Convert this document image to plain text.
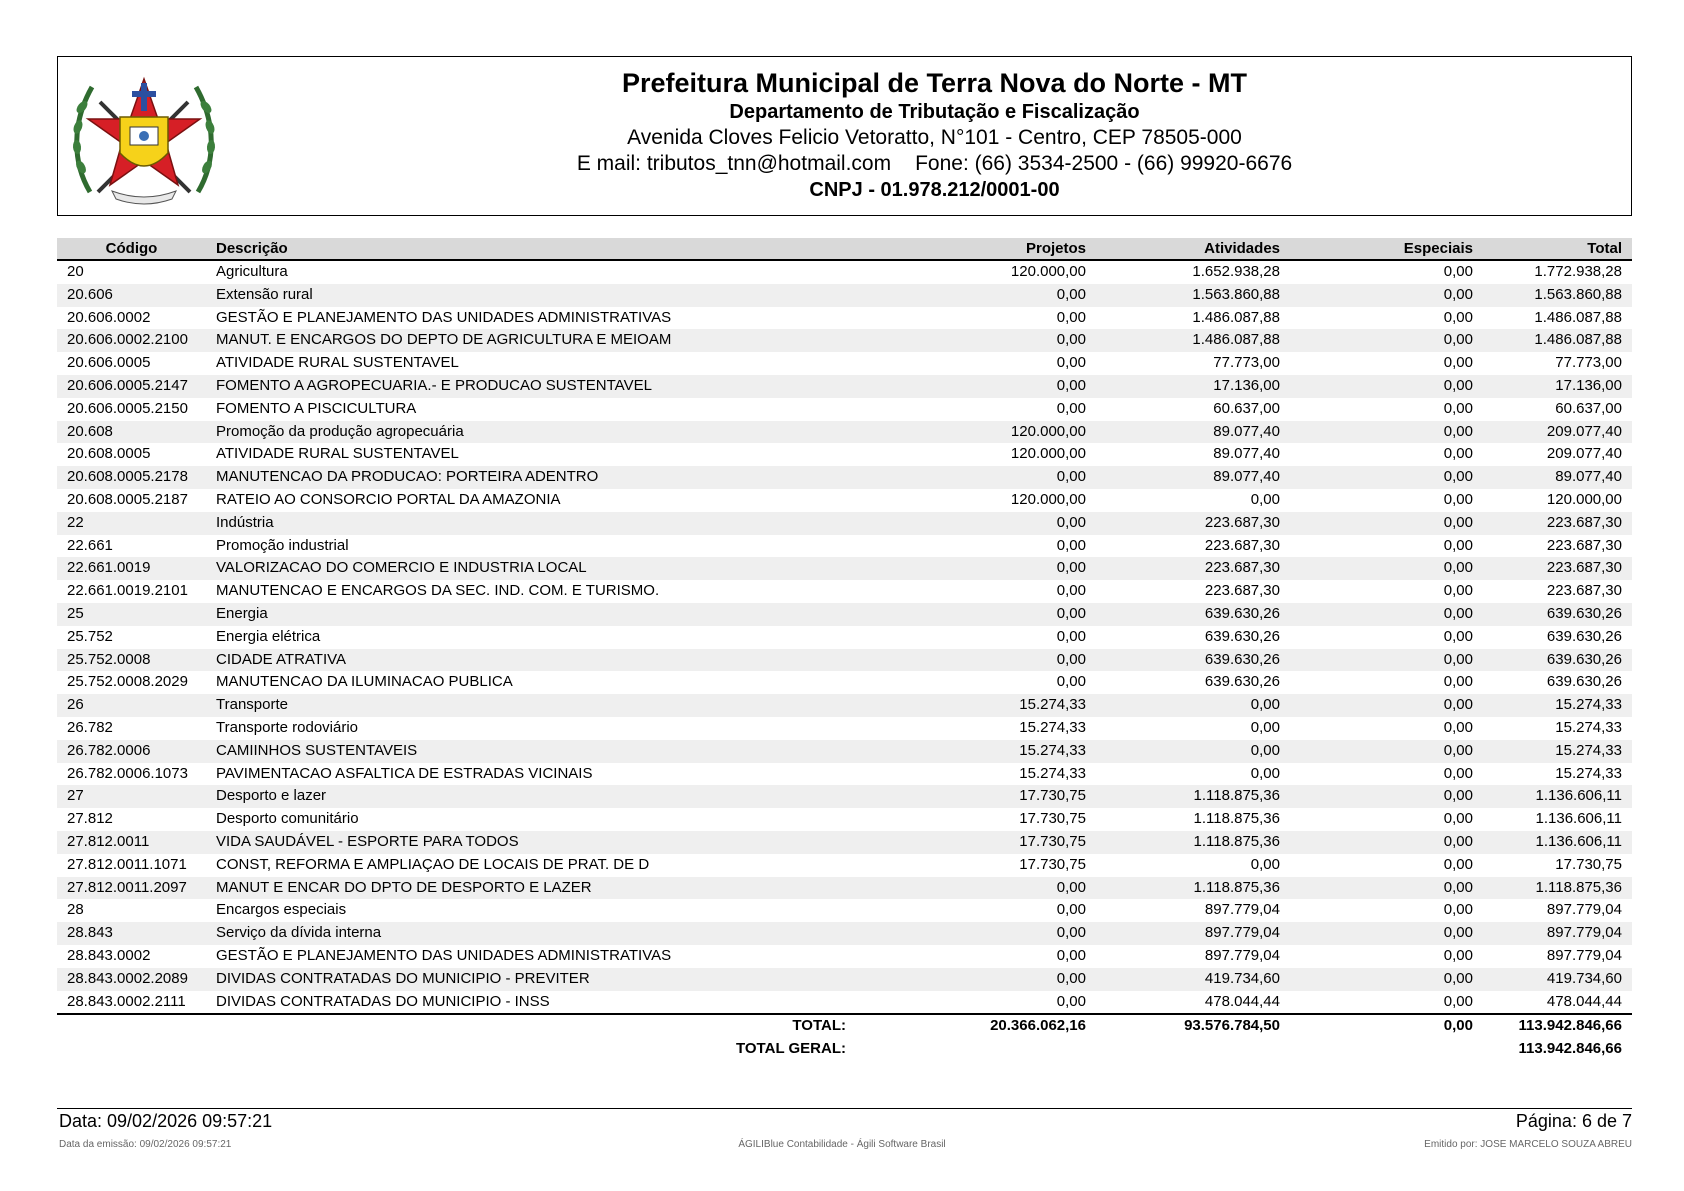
Prefeitura Municipal de Terra Nova do Norte - MT
Departamento de Tributação e Fiscalização
Avenida Cloves Felicio Vetoratto, N°101 - Centro, CEP 78505-000
E mail: tributos_tnn@hotmail.com Fone: (66) 3534-2500 - (66) 99920-6676
CNPJ - 01.978.212/0001-00
Código	Descrição	Projetos	Atividades	Especiais	Total
20	Agricultura	120.000,00	1.652.938,28	0,00	1.772.938,28
20.606	Extensão rural	0,00	1.563.860,88	0,00	1.563.860,88
20.606.0002	GESTÃO E PLANEJAMENTO DAS UNIDADES ADMINISTRATIVAS	0,00	1.486.087,88	0,00	1.486.087,88
20.606.0002.2100	MANUT. E ENCARGOS DO DEPTO DE AGRICULTURA E MEIOAM	0,00	1.486.087,88	0,00	1.486.087,88
20.606.0005	ATIVIDADE RURAL SUSTENTAVEL	0,00	77.773,00	0,00	77.773,00
20.606.0005.2147	FOMENTO A AGROPECUARIA.- E PRODUCAO SUSTENTAVEL	0,00	17.136,00	0,00	17.136,00
20.606.0005.2150	FOMENTO A PISCICULTURA	0,00	60.637,00	0,00	60.637,00
20.608	Promoção da produção agropecuária	120.000,00	89.077,40	0,00	209.077,40
20.608.0005	ATIVIDADE RURAL SUSTENTAVEL	120.000,00	89.077,40	0,00	209.077,40
20.608.0005.2178	MANUTENCAO DA PRODUCAO: PORTEIRA ADENTRO	0,00	89.077,40	0,00	89.077,40
20.608.0005.2187	RATEIO AO CONSORCIO PORTAL DA AMAZONIA	120.000,00	0,00	0,00	120.000,00
22	Indústria	0,00	223.687,30	0,00	223.687,30
22.661	Promoção industrial	0,00	223.687,30	0,00	223.687,30
22.661.0019	VALORIZACAO DO COMERCIO E INDUSTRIA LOCAL	0,00	223.687,30	0,00	223.687,30
22.661.0019.2101	MANUTENCAO E ENCARGOS DA SEC. IND. COM. E TURISMO.	0,00	223.687,30	0,00	223.687,30
25	Energia	0,00	639.630,26	0,00	639.630,26
25.752	Energia elétrica	0,00	639.630,26	0,00	639.630,26
25.752.0008	CIDADE ATRATIVA	0,00	639.630,26	0,00	639.630,26
25.752.0008.2029	MANUTENCAO DA ILUMINACAO PUBLICA	0,00	639.630,26	0,00	639.630,26
26	Transporte	15.274,33	0,00	0,00	15.274,33
26.782	Transporte rodoviário	15.274,33	0,00	0,00	15.274,33
26.782.0006	CAMIINHOS SUSTENTAVEIS	15.274,33	0,00	0,00	15.274,33
26.782.0006.1073	PAVIMENTACAO ASFALTICA DE ESTRADAS VICINAIS	15.274,33	0,00	0,00	15.274,33
27	Desporto e lazer	17.730,75	1.118.875,36	0,00	1.136.606,11
27.812	Desporto comunitário	17.730,75	1.118.875,36	0,00	1.136.606,11
27.812.0011	VIDA SAUDÁVEL - ESPORTE PARA TODOS	17.730,75	1.118.875,36	0,00	1.136.606,11
27.812.0011.1071	CONST, REFORMA E AMPLIAÇAO DE LOCAIS DE PRAT. DE D	17.730,75	0,00	0,00	17.730,75
27.812.0011.2097	MANUT E ENCAR DO DPTO DE DESPORTO E LAZER	0,00	1.118.875,36	0,00	1.118.875,36
28	Encargos especiais	0,00	897.779,04	0,00	897.779,04
28.843	Serviço da dívida interna	0,00	897.779,04	0,00	897.779,04
28.843.0002	GESTÃO E PLANEJAMENTO DAS UNIDADES ADMINISTRATIVAS	0,00	897.779,04	0,00	897.779,04
28.843.0002.2089	DIVIDAS CONTRATADAS DO MUNICIPIO - PREVITER	0,00	419.734,60	0,00	419.734,60
28.843.0002.2111	DIVIDAS CONTRATADAS DO MUNICIPIO - INSS	0,00	478.044,44	0,00	478.044,44
	TOTAL:	20.366.062,16	93.576.784,50	0,00	113.942.846,66
	TOTAL GERAL:				113.942.846,66
Data: 09/02/2026 09:57:21	Página: 6 de 7
Data da emissão: 09/02/2026 09:57:21	ÁGILIBlue Contabilidade - Ágili Software Brasil	Emitido por: JOSE MARCELO SOUZA ABREU
